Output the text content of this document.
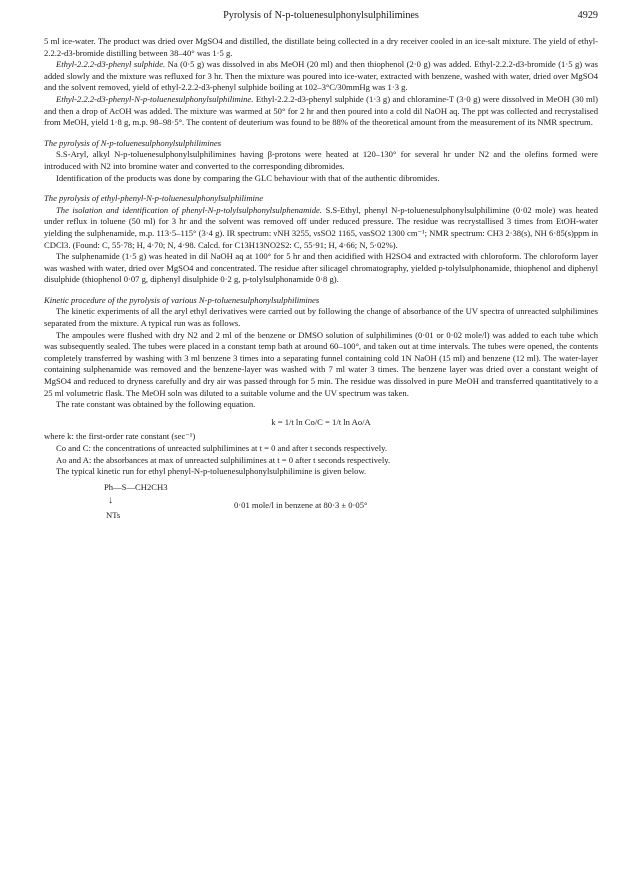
Pyrolysis of N-p-toluenesulphonylsulphilimines	4929

5 ml ice-water. The product was dried over MgSO4 and distilled, the distillate being collected in a dry receiver cooled in an ice-salt mixture. The yield of ethyl-2.2.2-d3-bromide distilling between 38–40° was 1·5 g.

Ethyl-2.2.2-d3-phenyl sulphide. Na (0·5 g) was dissolved in abs MeOH (20 ml) and then thiophenol (2·0 g) was added. Ethyl-2.2.2-d3-bromide (1·5 g) was added slowly and the mixture was refluxed for 3 hr. Then the mixture was poured into ice-water, extracted with benzene, washed with water, dried over MgSO4 and the solvent removed, yield of ethyl-2.2.2-d3-phenyl sulphide boiling at 102–3°C/30mmHg was 1·3 g.

Ethyl-2.2.2-d3-phenyl-N-p-toluenesulphonylsulphilimine. Ethyl-2.2.2-d3-phenyl sulphide (1·3 g) and chloramine-T (3·0 g) were dissolved in MeOH (30 ml) and then a drop of AcOH was added. The mixture was warmed at 50° for 2 hr and then poured into a cold dil NaOH aq. The ppt was collected and recrystalised from MeOH, yield 1·8 g, m.p. 98–98·5°. The content of deuterium was found to be 88% of the theoretical amount from the measurement of its NMR spectrum.

The pyrolysis of N-p-toluenesulphonylsulphilimines

S.S-Aryl, alkyl N-p-toluenesulphonylsulphilimines having β-protons were heated at 120–130° for several hr under N2 and the olefins formed were introduced with N2 into bromine water and converted to the corresponding dibromides.

Identification of the products was done by comparing the GLC behaviour with that of the authentic dibromides.

The pyrolysis of ethyl-phenyl-N-p-toluenesulphonylsulphilimine

The isolation and identification of phenyl-N-p-tolylsulphonylsulphenamide. S.S-Ethyl, phenyl N-p-toluenesulphonylsulphilimine (0·02 mole) was heated under reflux in toluene (50 ml) for 3 hr and the solvent was removed off under reduced pressure. The residue was recrystallised 3 times from EtOH-water yielding the sulphenamide, m.p. 113·5–115° (3·4 g). IR spectrum: νNH 3255, νsSO2 1165, νasSO2 1300 cm⁻¹; NMR spectrum: CH3 2·38(s), NH 6·85(s)ppm in CDCl3. (Found: C, 55·78; H, 4·70; N, 4·98. Calcd. for C13H13NO2S2: C, 55·91; H, 4·66; N, 5·02%).

The sulphenamide (1·5 g) was heated in dil NaOH aq at 100° for 5 hr and then acidified with H2SO4 and extracted with chloroform. The chloroform layer was washed with water, dried over MgSO4 and concentrated. The residue after silicagel chromatography, yielded p-tolylsulphonamide, thiophenol and diphenyl disulphide (thiophenol 0·07 g, diphenyl disulphide 0·2 g, p-tolylsulphonamide 0·8 g).

Kinetic procedure of the pyrolysis of various N-p-toluenesulphonylsulphilimines

The kinetic experiments of all the aryl ethyl derivatives were carried out by following the change of absorbance of the UV spectra of unreacted sulphilimines separated from the mixture. A typical run was as follows.

The ampoules were flushed with dry N2 and 2 ml of the benzene or DMSO solution of sulphilimines (0·01 or 0·02 mole/l) was added to each tube which was subsequently sealed. The tubes were placed in a constant temp bath at around 60–100°, and taken out at time intervals. The tubes were opened, the contents completely transferred by washing with 3 ml benzene 3 times into a separating funnel containing cold 1N NaOH (15 ml) and benzene (12 ml). The water-layer containing sulphenamide was removed and the benzene-layer was washed with 7 ml water 3 times. The benzene layer was dried over a constant weight of MgSO4 and reduced to dryness carefully and dry air was passed through for 5 min. The residue was dissolved in pure MeOH and transferred quantitatively to a 25 ml volumetric flask. The MeOH soln was diluted to a suitable volume and the UV spectrum was taken.

The rate constant was obtained by the following equation.

k = 1/t ln Co/C = 1/t ln Ao/A

where k: the first-order rate constant (sec⁻¹)

Co and C: the concentrations of unreacted sulphilimines at t = 0 and after t seconds respectively.

Ao and A: the absorbances at max of unreacted sulphilimines at t = 0 after t seconds respectively.

The typical kinetic run for ethyl phenyl-N-p-toluenesulphonylsulphilimine is given below.

Ph—S—CH2CH3
↓
NTs
0·01 mole/l in benzene at 80·3 ± 0·05°
